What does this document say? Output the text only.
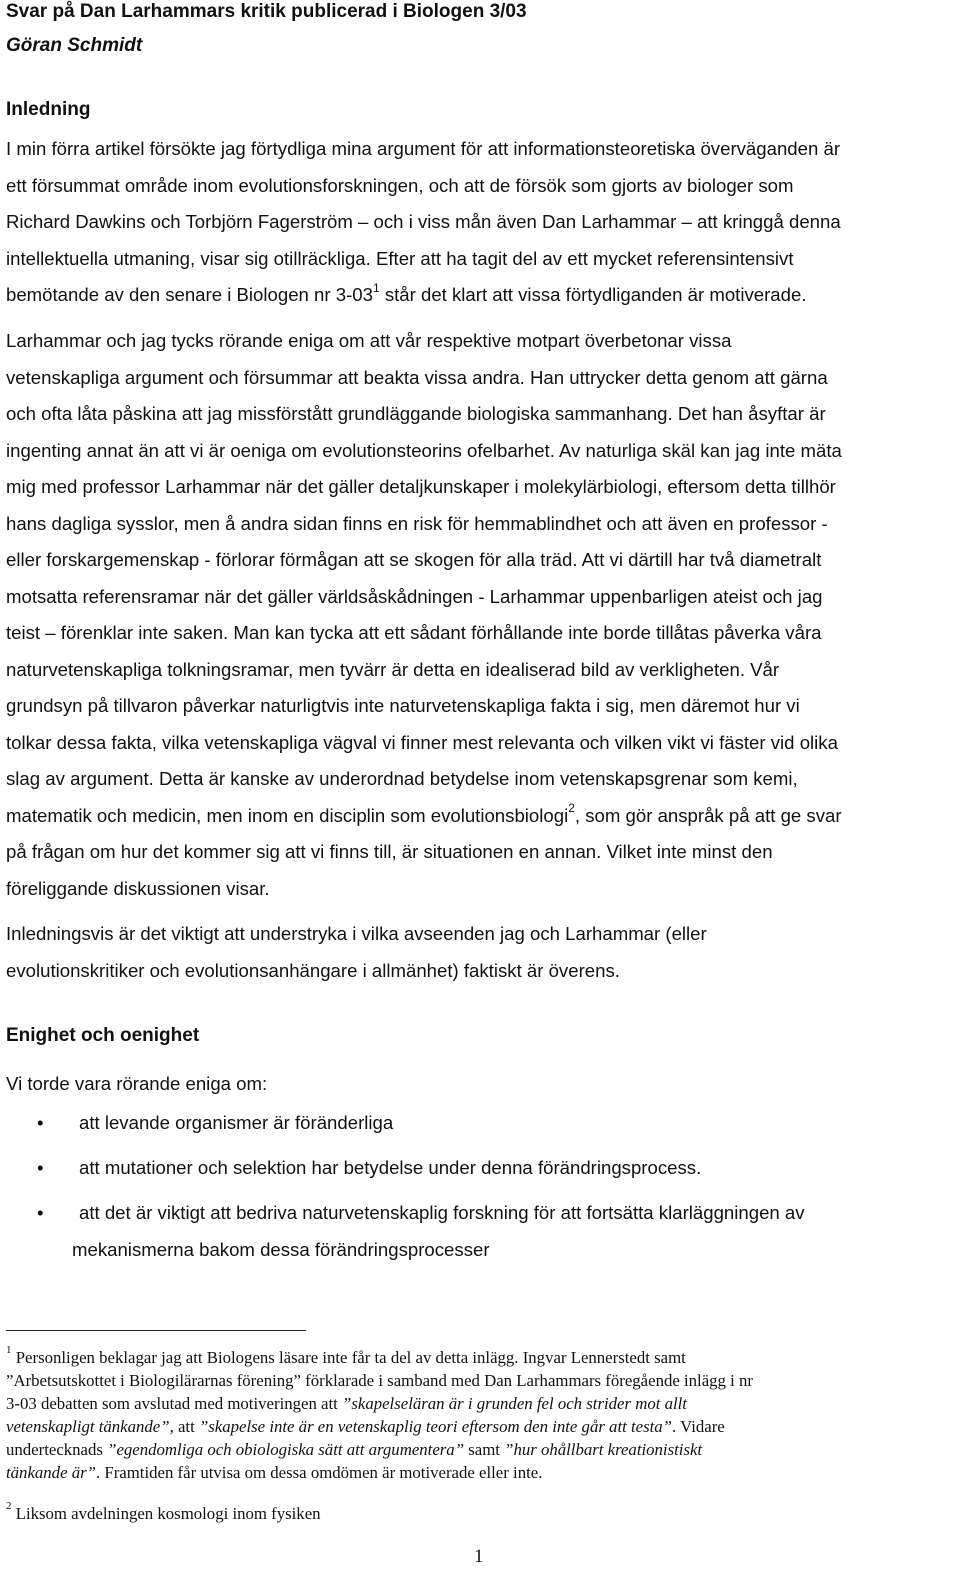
Svar på Dan Larhammars kritik publicerad i Biologen 3/03

Göran Schmidt

Inledning

I min förra artikel försökte jag förtydliga mina argument för att informationsteoretiska överväganden är
ett försummat område inom evolutionsforskningen, och att de försök som gjorts av biologer som
Richard Dawkins och Torbjörn Fagerström – och i viss mån även Dan Larhammar – att kringgå denna
intellektuella utmaning, visar sig otillräckliga. Efter att ha tagit del av ett mycket referensintensivt
bemötande av den senare i Biologen nr $3-03^1$ står det klart att vissa förtydliganden är motiverade.
Larhammar och jag tycks rörande eniga om att vår respektive motpart överbetonar vissa
vetenskapliga argument och försummar att beakta vissa andra. Han uttrycker detta genom att gärna
och ofta låta påskina att jag missförstått grundläggande biologiska sammanhang. Det han åsyftar är
ingenting annat än att vi är oeniga om evolutionsteorins ofelbarhet. Av naturliga skäl kan jag inte mäta
mig med professor Larhammar när det gäller detaljkunskaper i molekylärbiologi, eftersom detta tillhör
hans dagliga sysslor, men å andra sidan finns en risk för hemmablindhet och att även en professor -
eller forskargemenskap - förlorar förmågan att se skogen för alla träd. Att vi därtill har två diametralt
motsatta referensramar när det gäller världsåskådningen - Larhammar uppenbarligen ateist och jag
teist – förenklar inte saken. Man kan tycka att ett sådant förhållande inte borde tillåtas påverka våra
naturvetenskapliga tolkningsramar, men tyvärr är detta en idealiserad bild av verkligheten. Vår
grundsyn på tillvaron påverkar naturligtvis inte naturvetenskapliga fakta i sig, men däremot hur vi
tolkar dessa fakta, vilka vetenskapliga vägval vi finner mest relevanta och vilken vikt vi fäster vid olika
slag av argument. Detta är kanske av underordnad betydelse inom vetenskapsgrenar som kemi,
matematik och medicin, men inom en disciplin som evolutionsbiologi$^2$, som gör anspråk på att ge svar
på frågan om hur det kommer sig att vi finns till, är situationen en annan. Vilket inte minst den
föreliggande diskussionen visar.
Inledningsvis är det viktigt att understryka i vilka avseenden jag och Larhammar (eller
evolutionskritiker och evolutionsanhängare i allmänhet) faktiskt är överens.

Enighet och oenighet

Vi torde vara rörande eniga om:

• att levande organismer är föränderliga
• att mutationer och selektion har betydelse under denna förändringsprocess.
• att det är viktigt att bedriva naturvetenskaplig forskning för att fortsätta klarläggningen av
mekanismerna bakom dessa förändringsprocesser
$^1$ Personligen beklagar jag att Biologens läsare inte får ta del av detta inlägg. Ingvar Lennerstedt samt
”Arbetsutskottet i Biologilärarnas förening” förklarade i samband med Dan Larhammars föregående inlägg i nr
3-03 debatten som avslutad med motiveringen att ”skapelseläran är i grunden fel och strider mot allt
vetenskapligt tänkande”, att ”skapelse inte är en vetenskaplig teori eftersom den inte går att testa”. Vidare
undertecknads ”egendomliga och obiologiska sätt att argumentera” samt ”hur ohållbart kreationistiskt
tänkande är”. Framtiden får utvisa om dessa omdömen är motiverade eller inte.
$^2$ Liksom avdelningen kosmologi inom fysiken
1
